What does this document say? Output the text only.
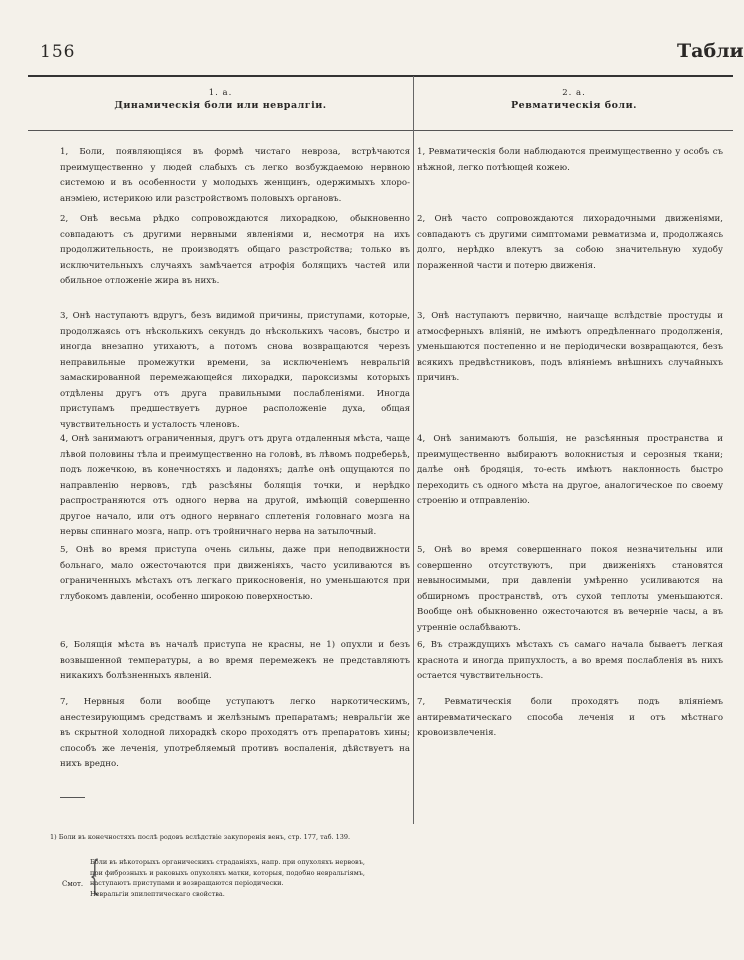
156	Табли
1. a.
Динамическія боли или невралгіи.
2. a.
Ревматическія боли.
1, Боли, появляющіяся въ формѣ чистаго невроза, встрѣчаются преимущественно у людей слабыхъ съ легко возбуждаемою нервною системою и въ особенности у молодыхъ женщинъ, одержимыхъ хлоро-анэміею, истерикою или разстройствомъ половыхъ органовъ.
2, Онѣ весьма рѣдко сопровождаются лихорадкою, обыкновенно совпадаютъ съ другими нервными явленіями и, несмотря на ихъ продолжительность, не производятъ общаго разстройства; только въ исключительныхъ случаяхъ замѣчается атрофія болящихъ частей или обильное отложеніе жира въ нихъ.
3, Онѣ наступаютъ вдругъ, безъ видимой причины, приступами, которые, продолжаясь отъ нѣсколькихъ секундъ до нѣсколькихъ часовъ, быстро и иногда внезапно утихаютъ, а потомъ снова возвращаются черезъ неправильные промежутки времени, за исключеніемъ невральгій замаскированной перемежающейся лихорадки, пароксизмы которыхъ отдѣлены другъ отъ друга правильными послабленіями. Иногда приступамъ предшествуетъ дурное расположеніе духа, общая чувствительность и усталость членовъ.
4, Онѣ занимаютъ ограниченныя, другъ отъ друга отдаленныя мѣста, чаще лѣвой половины тѣла и преимущественно на головѣ, въ лѣвомъ подреберьѣ, подъ ложечкою, въ конечностяхъ и ладоняхъ; далѣе онѣ ощущаются по направленію нервовъ, гдѣ разсѣяны болящія точки, и нерѣдко распространяются отъ одного нерва на другой, имѣющій совершенно другое начало, или отъ одного нервнаго сплетенія головнаго мозга на нервы спиннаго мозга, напр. отъ тройничнаго нерва на затылочный.
5, Онѣ во время приступа очень сильны, даже при неподвижности больнаго, мало ожесточаются при движеніяхъ, часто усиливаются въ ограниченныхъ мѣстахъ отъ легкаго прикосновенія, но уменьшаются при глубокомъ давленіи, особенно широкою поверхностью.
6, Болящія мѣста въ началѣ приступа не красны, не 1) опухли и безъ возвышенной температуры, а во время перемежекъ не представляютъ никакихъ болѣзненныхъ явленій.
7, Нервныя боли вообще уступаютъ легко наркотическимъ, анестезирующимъ средствамъ и желѣзнымъ препаратамъ; невральгіи же въ скрытной холодной лихорадкѣ скоро проходятъ отъ препаратовъ хины; способъ же леченія, употребляемый противъ воспаленія, дѣйствуетъ на нихъ вредно.
1, Ревматическія боли наблюдаются преимущественно у особъ съ нѣжной, легко потѣющей кожею.
2, Онѣ часто сопровождаются лихорадочными движеніями, совпадаютъ съ другими симптомами ревматизма и, продолжаясь долго, нерѣдко влекутъ за собою значительную худобу пораженной части и потерю движенія.
3, Онѣ наступаютъ первично, наичаще вслѣдствіе простуды и атмосферныхъ вліяній, не имѣютъ опредѣленнаго продолженія, уменьшаются постепенно и не періодически возвращаются, безъ всякихъ предвѣстниковъ, подъ вліяніемъ внѣшнихъ случайныхъ причинъ.
4, Онѣ занимаютъ большія, не разсѣянныя пространства и преимущественно выбираютъ волокнистыя и серозныя ткани; далѣе онѣ бродяція, то-есть имѣютъ наклонность быстро переходить съ одного мѣста на другое, аналогическое по своему строенію и отправленію.
5, Онѣ во время совершеннаго покоя незначительны или совершенно отсутствуютъ, при движеніяхъ становятся невыносимыми, при давленіи умѣренно усиливаются на обширномъ пространствѣ, отъ сухой теплоты уменьшаются. Вообще онѣ обыкновенно ожесточаются въ вечерніе часы, а въ утренніе ослабѣваютъ.
6, Въ страждущихъ мѣстахъ съ самаго начала бываетъ легкая краснота и иногда припухлость, а во время послабленія въ нихъ остается чувствительность.
7, Ревматическія боли проходятъ подъ вліяніемъ антиревматическаго способа леченія и отъ мѣстнаго кровоизвлеченія.
1) Боли въ конечностяхъ послѣ родовъ вслѣдствіе закупоренія венъ, стр. 177, таб. 139.
Смот. {
Боли въ нѣкоторыхъ органическихъ страданіяхъ, напр. при опухоляхъ нервовъ,
при фиброзныхъ и раковыхъ опухоляхъ матки, которыя, подобно невральгіямъ,
наступаютъ приступами и возвращаются періодически.
Невральгіи эпилептическаго свойства.
